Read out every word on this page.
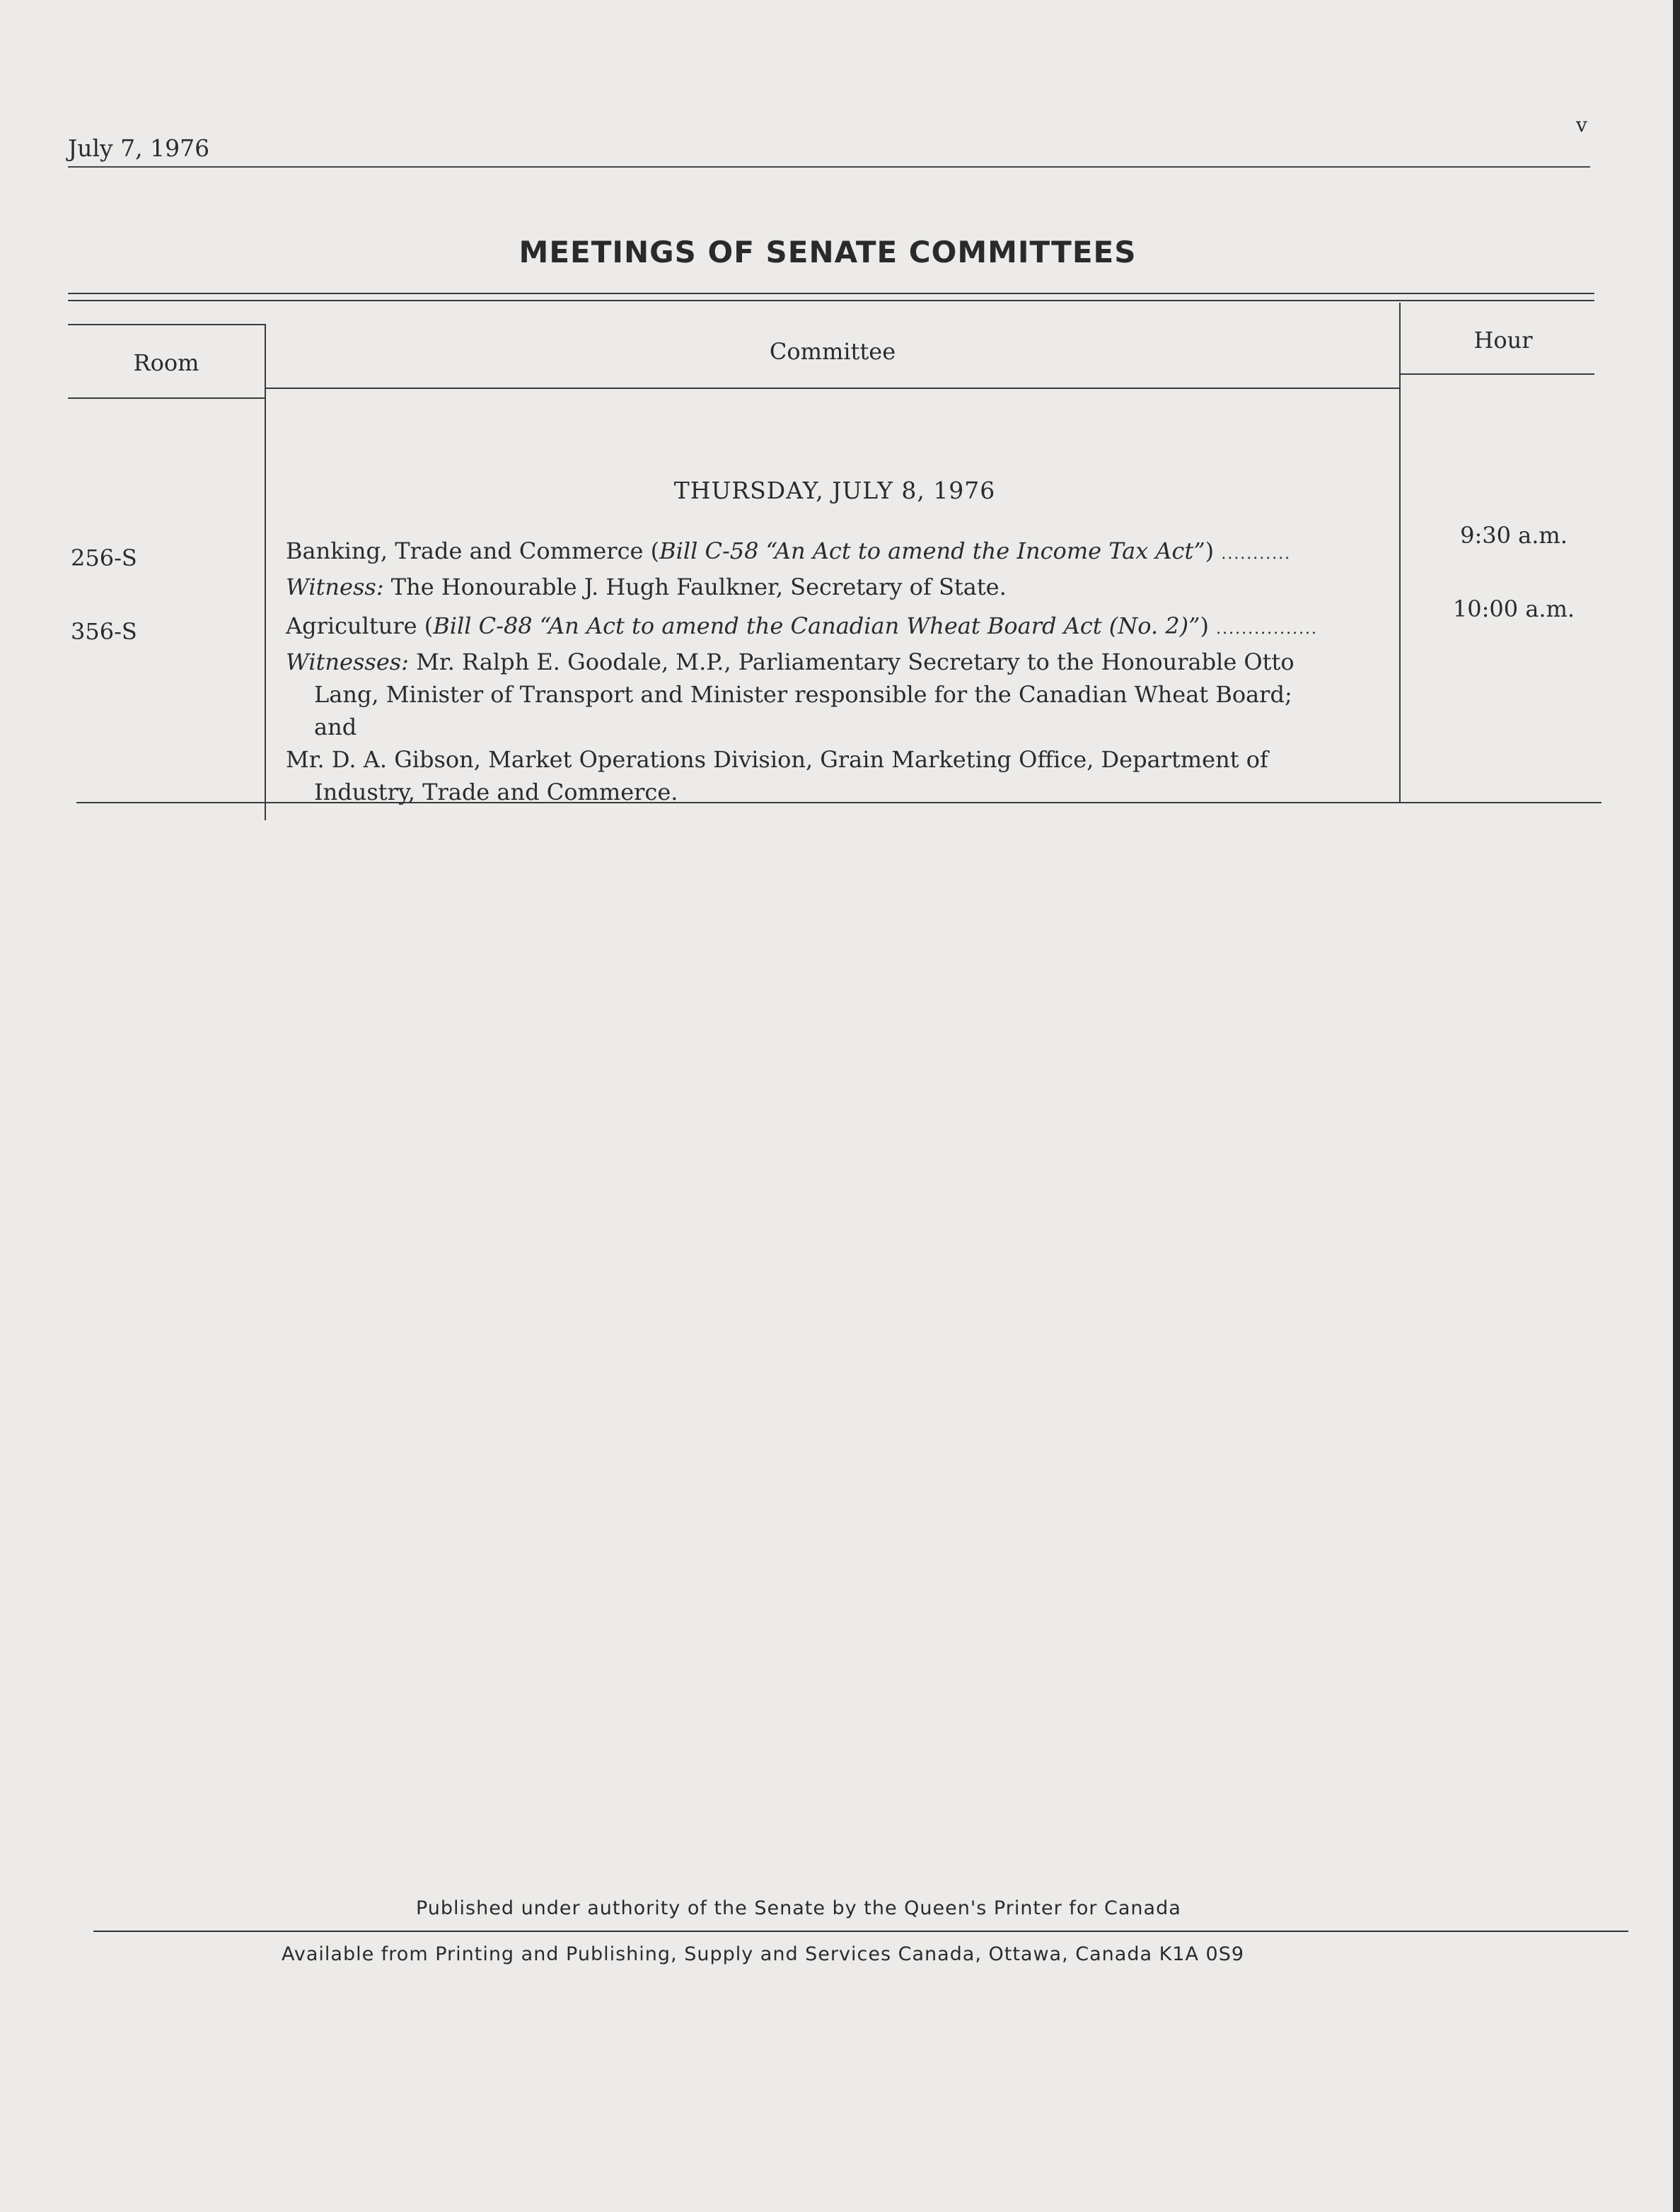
July 7, 1976
v
MEETINGS OF SENATE COMMITTEES
Room	Committee	Hour
THURSDAY, JULY 8, 1976
256-S
9:30 a.m.
Banking, Trade and Commerce (Bill C-58 “An Act to amend the Income Tax Act”) ...........
Witness: The Honourable J. Hugh Faulkner, Secretary of State.
356-S
10:00 a.m.
Agriculture (Bill C-88 “An Act to amend the Canadian Wheat Board Act (No. 2)”) ................
Witnesses: Mr. Ralph E. Goodale, M.P., Parliamentary Secretary to the Honourable Otto
Lang, Minister of Transport and Minister responsible for the Canadian Wheat Board;
and
Mr. D. A. Gibson, Market Operations Division, Grain Marketing Office, Department of
Industry, Trade and Commerce.
Published under authority of the Senate by the Queen's Printer for Canada
Available from Printing and Publishing, Supply and Services Canada, Ottawa, Canada K1A 0S9
